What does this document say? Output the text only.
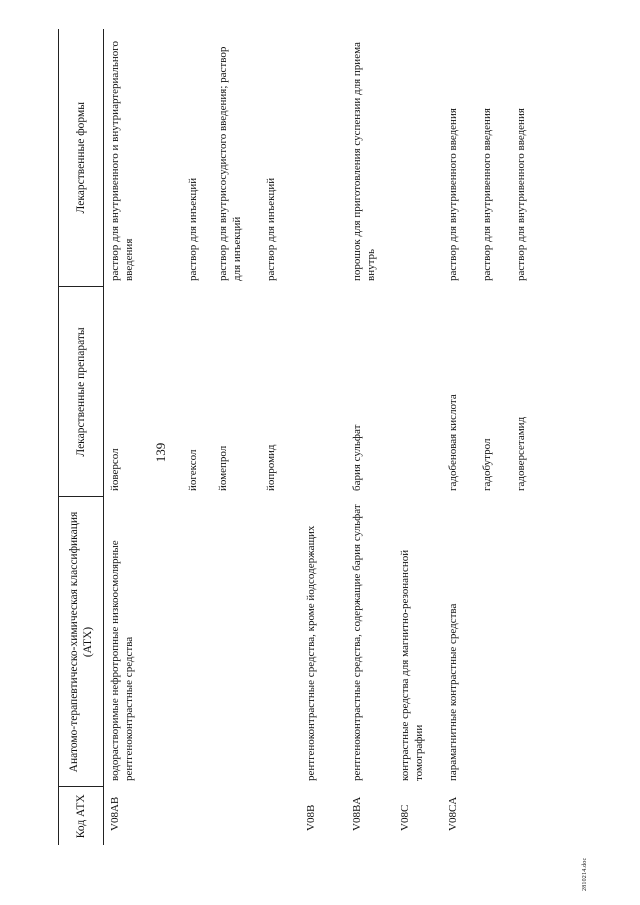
139
Код АТХ	Анатомо-терапевтическо-химическая классификация (АТХ)	Лекарственные препараты	Лекарственные формы
V08AB	водорастворимые нефротропные низкоосмолярные рентгеноконтрастные средства	йоверсол	раствор для внутривенного и внутриартериального введения
		йогексол	раствор для инъекций
		йомепрол	раствор для внутрисосудистого введения; раствор для инъекций
		йопромид	раствор для инъекций
V08B	рентгеноконтрастные средства, кроме йодсодержащих		
V08BA	рентгеноконтрастные средства, содержащие бария сульфат	бария сульфат	порошок для приготовления суспензии для приема внутрь
V08C	контрастные средства для магнитно-резонансной томографии		
V08CA	парамагнитные контрастные средства	гадобеновая кислота	раствор для внутривенного введения
		гадобутрол	раствор для внутривенного введения
		гадоверсетамид	раствор для внутривенного введения
2810214.doc
